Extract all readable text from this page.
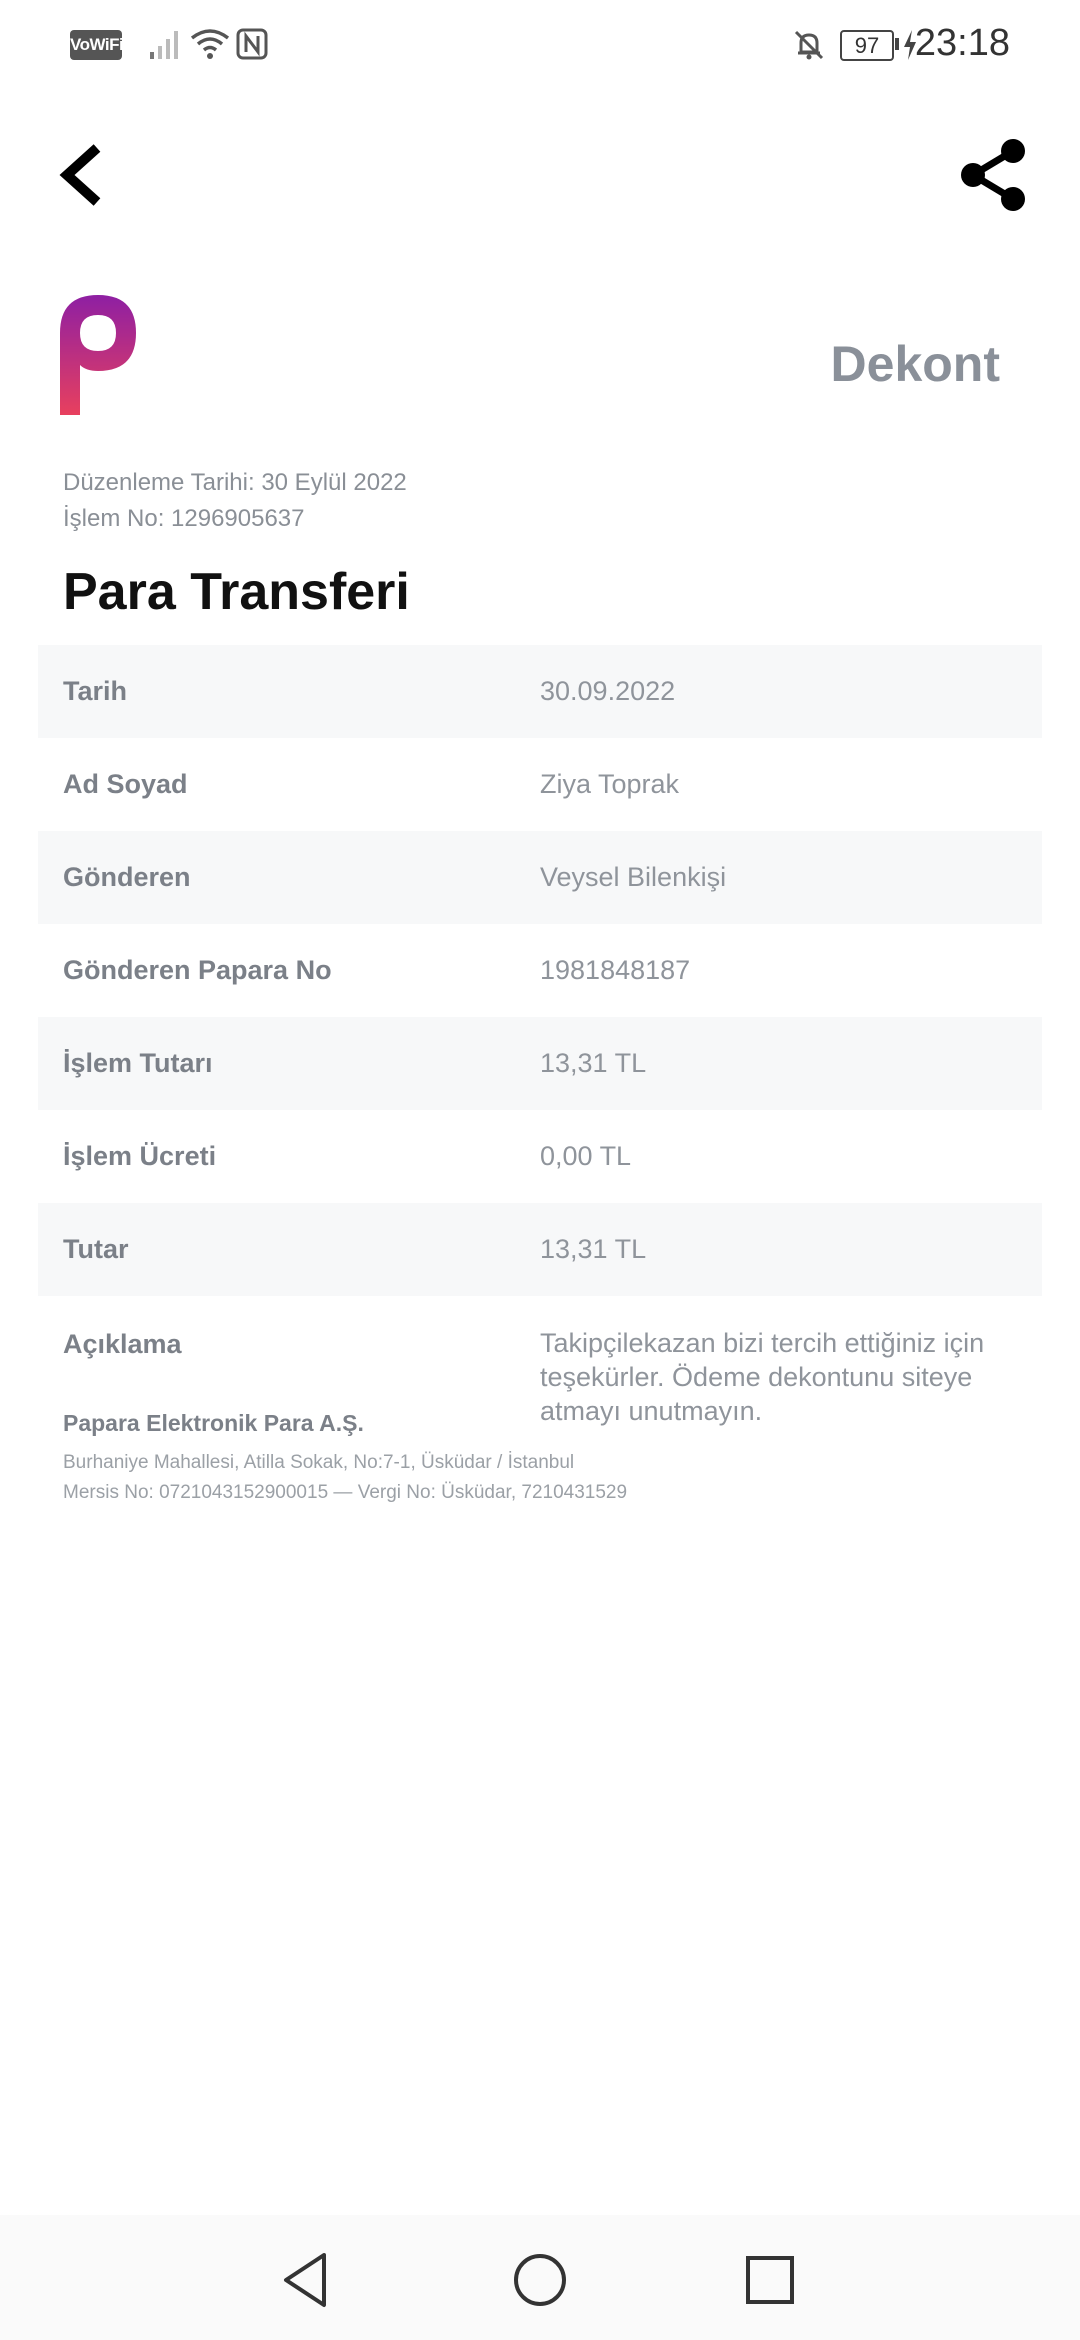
VoWiFi	97 23:18
Dekont
Düzenleme Tarihi: 30 Eylül 2022
İşlem No: 1296905637
Para Transferi
Tarih	30.09.2022
Ad Soyad	Ziya Toprak
Gönderen	Veysel Bilenkişi
Gönderen Papara No	1981848187
İşlem Tutarı	13,31 TL
İşlem Ücreti	0,00 TL
Tutar	13,31 TL
Açıklama	Takipçilekazan bizi tercih ettiğiniz için teşekürler. Ödeme dekontunu siteye atmayı unutmayın.
Papara Elektronik Para A.Ş.
Burhaniye Mahallesi, Atilla Sokak, No:7-1, Üsküdar / İstanbul
Mersis No: 0721043152900015 — Vergi No: Üsküdar, 7210431529
